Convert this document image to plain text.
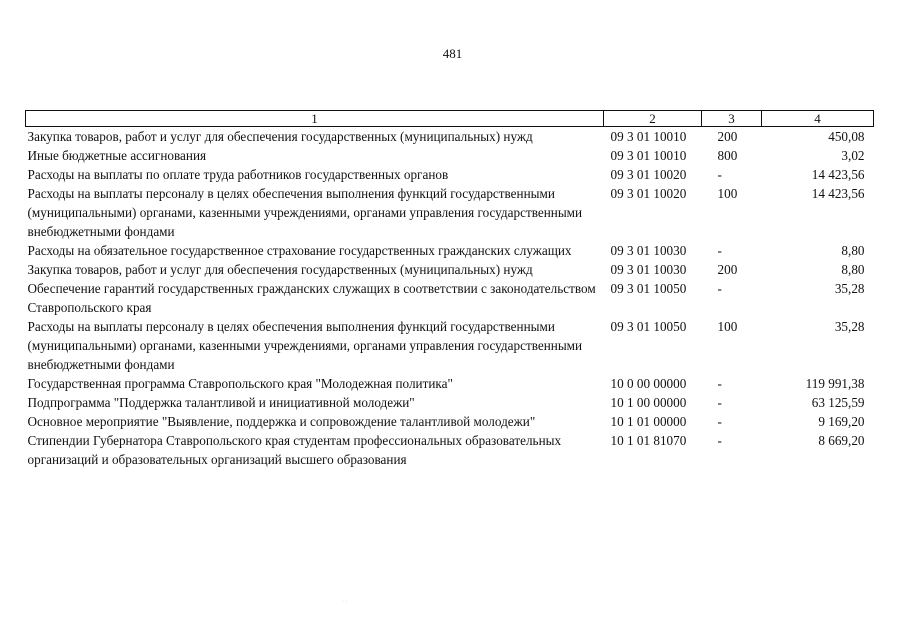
481
1	2	3	4
Закупка товаров, работ и услуг для обеспечения государственных (муниципальных) нужд	09 3 01 10010	200	450,08
Иные бюджетные ассигнования	09 3 01 10010	800	3,02
Расходы на выплаты по оплате труда работников государственных органов	09 3 01 10020	-	14 423,56
Расходы на выплаты персоналу в целях обеспечения выполнения функций государственными (муниципальными) органами, казенными учреждениями, органами управления государственными внебюджетными фондами	09 3 01 10020	100	14 423,56
Расходы на обязательное государственное страхование государственных гражданских служащих	09 3 01 10030	-	8,80
Закупка товаров, работ и услуг для обеспечения государственных (муниципальных) нужд	09 3 01 10030	200	8,80
Обеспечение гарантий государственных гражданских служащих в соответствии с законодательством Ставропольского края	09 3 01 10050	-	35,28
Расходы на выплаты персоналу в целях обеспечения выполнения функций государственными (муниципальными) органами, казенными учреждениями, органами управления государственными внебюджетными фондами	09 3 01 10050	100	35,28
Государственная программа Ставропольского края "Молодежная политика"	10 0 00 00000	-	119 991,38
Подпрограмма "Поддержка талантливой и инициативной молодежи"	10 1 00 00000	-	63 125,59
Основное мероприятие "Выявление, поддержка и сопровождение талантливой молодежи"	10 1 01 00000	-	9 169,20
Стипендии Губернатора Ставропольского края студентам профессиональных образовательных организаций и образовательных организаций высшего образования	10 1 01 81070	-	8 669,20
· ·
